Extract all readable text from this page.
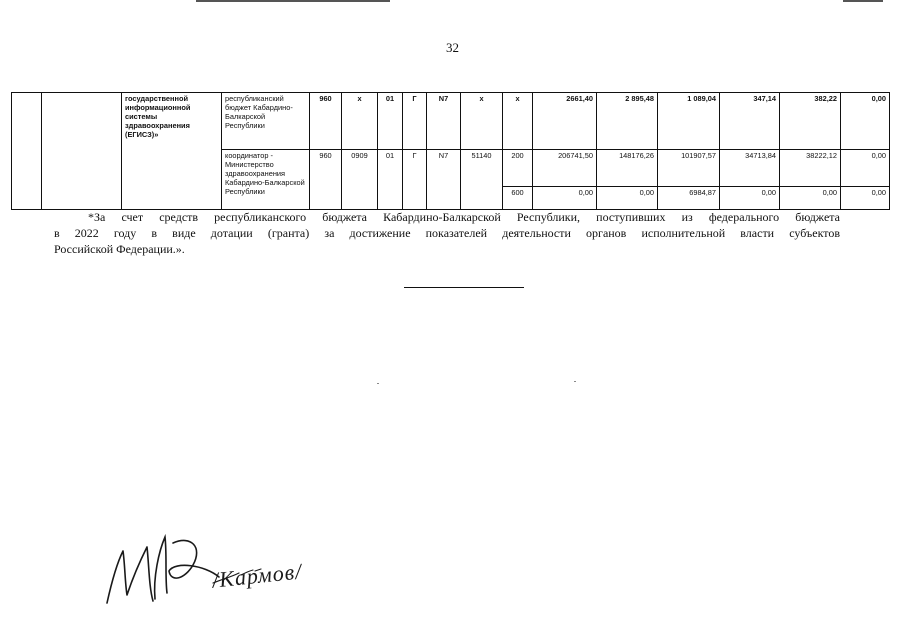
32
		государственной информационной системы здравоохранения (ЕГИСЗ)»	республиканский бюджет Кабардино-Балкарской Республики	960	x	01	Г	N7	x	x	2661,40	2 895,48	1 089,04	347,14	382,22	0,00
			координатор - Министерство здравоохранения Кабардино-Балкарской Республики	960	0909	01	Г	N7	51140	200	206741,50	148176,26	101907,57	34713,84	38222,12	0,00
										600	0,00	0,00	6984,87	0,00	0,00	0,00
*За счет средств республиканского бюджета Кабардино-Балкарской Республики, поступивших из федерального бюджета
в 2022 году в виде дотации (гранта) за достижение показателей деятельности органов исполнительной власти субъектов
Российской Федерации.».
/Кармов/
